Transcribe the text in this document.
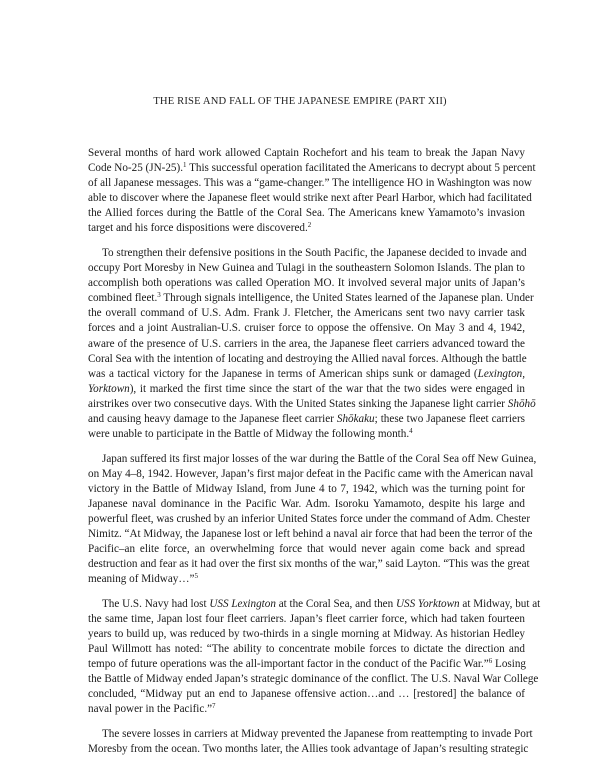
THE RISE AND FALL OF THE JAPANESE EMPIRE (PART XII)
Several months of hard work allowed Captain Rochefort and his team to break the Japan Navy
Code No-25 (JN-25).$^1$ This successful operation facilitated the Americans to decrypt about 5 percent
of all Japanese messages. This was a “game-changer.” The intelligence HO in Washington was now
able to discover where the Japanese fleet would strike next after Pearl Harbor, which had facilitated
the Allied forces during the Battle of the Coral Sea. The Americans knew Yamamoto’s invasion
target and his force dispositions were discovered.$^2$
To strengthen their defensive positions in the South Pacific, the Japanese decided to invade and
occupy Port Moresby in New Guinea and Tulagi in the southeastern Solomon Islands. The plan to
accomplish both operations was called Operation MO. It involved several major units of Japan’s
combined fleet.$^3$ Through signals intelligence, the United States learned of the Japanese plan. Under
the overall command of U.S. Adm. Frank J. Fletcher, the Americans sent two navy carrier task
forces and a joint Australian-U.S. cruiser force to oppose the offensive. On May 3 and 4, 1942,
aware of the presence of U.S. carriers in the area, the Japanese fleet carriers advanced toward the
Coral Sea with the intention of locating and destroying the Allied naval forces. Although the battle
was a tactical victory for the Japanese in terms of American ships sunk or damaged (Lexington,
Yorktown), it marked the first time since the start of the war that the two sides were engaged in
airstrikes over two consecutive days. With the United States sinking the Japanese light carrier Shōhō
and causing heavy damage to the Japanese fleet carrier Shōkaku; these two Japanese fleet carriers
were unable to participate in the Battle of Midway the following month.$^4$
Japan suffered its first major losses of the war during the Battle of the Coral Sea off New Guinea,
on May 4–8, 1942. However, Japan’s first major defeat in the Pacific came with the American naval
victory in the Battle of Midway Island, from June 4 to 7, 1942, which was the turning point for
Japanese naval dominance in the Pacific War. Adm. Isoroku Yamamoto, despite his large and
powerful fleet, was crushed by an inferior United States force under the command of Adm. Chester
Nimitz. “At Midway, the Japanese lost or left behind a naval air force that had been the terror of the
Pacific–an elite force, an overwhelming force that would never again come back and spread
destruction and fear as it had over the first six months of the war,” said Layton. “This was the great
meaning of Midway…”$^5$
The U.S. Navy had lost USS Lexington at the Coral Sea, and then USS Yorktown at Midway, but at
the same time, Japan lost four fleet carriers. Japan’s fleet carrier force, which had taken fourteen
years to build up, was reduced by two-thirds in a single morning at Midway. As historian Hedley
Paul Willmott has noted: “The ability to concentrate mobile forces to dictate the direction and
tempo of future operations was the all-important factor in the conduct of the Pacific War.”$^6$ Losing
the Battle of Midway ended Japan’s strategic dominance of the conflict. The U.S. Naval War College
concluded, “Midway put an end to Japanese offensive action…and … [restored] the balance of
naval power in the Pacific.”$^7$
The severe losses in carriers at Midway prevented the Japanese from reattempting to invade Port
Moresby from the ocean. Two months later, the Allies took advantage of Japan’s resulting strategic
